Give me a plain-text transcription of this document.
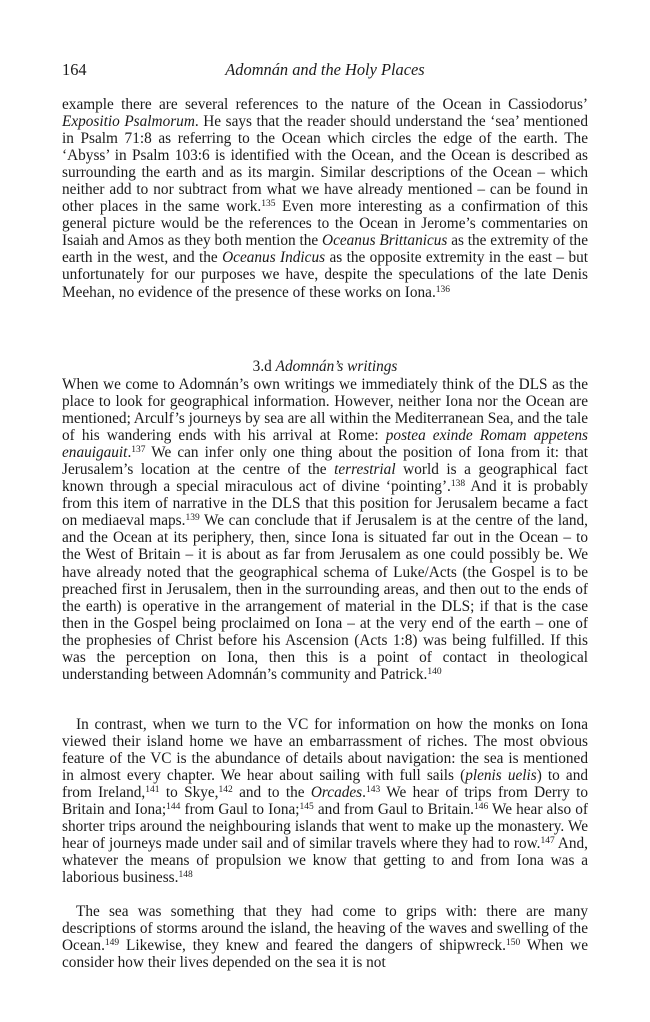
164	Adomnán and the Holy Places

example there are several references to the nature of the Ocean in Cassiodorus’ Expositio Psalmorum. He says that the reader should understand the ‘sea’ mentioned in Psalm 71:8 as referring to the Ocean which circles the edge of the earth. The ‘Abyss’ in Psalm 103:6 is identified with the Ocean, and the Ocean is described as surrounding the earth and as its margin. Similar descriptions of the Ocean – which neither add to nor subtract from what we have already mentioned – can be found in other places in the same work.$^{135}$ Even more interesting as a confirmation of this general picture would be the references to the Ocean in Jerome’s commentaries on Isaiah and Amos as they both mention the Oceanus Brittanicus as the extremity of the earth in the west, and the Oceanus Indicus as the opposite extremity in the east – but unfortunately for our purposes we have, despite the speculations of the late Denis Meehan, no evidence of the presence of these works on Iona.$^{136}$

3.d Adomnán’s writings

When we come to Adomnán’s own writings we immediately think of the DLS as the place to look for geographical information. However, neither Iona nor the Ocean are mentioned; Arculf’s journeys by sea are all within the Mediterranean Sea, and the tale of his wandering ends with his arrival at Rome: postea exinde Romam appetens enauigauit.$^{137}$ We can infer only one thing about the position of Iona from it: that Jerusalem’s location at the centre of the terrestrial world is a geographical fact known through a special miraculous act of divine ‘pointing’.$^{138}$ And it is probably from this item of narrative in the DLS that this position for Jerusalem became a fact on mediaeval maps.$^{139}$ We can conclude that if Jerusalem is at the centre of the land, and the Ocean at its periphery, then, since Iona is situated far out in the Ocean – to the West of Britain – it is about as far from Jerusalem as one could possibly be. We have already noted that the geographical schema of Luke/Acts (the Gospel is to be preached first in Jerusalem, then in the surrounding areas, and then out to the ends of the earth) is operative in the arrangement of material in the DLS; if that is the case then in the Gospel being proclaimed on Iona – at the very end of the earth – one of the prophesies of Christ before his Ascension (Acts 1:8) was being fulfilled. If this was the perception on Iona, then this is a point of contact in theological understanding between Adomnán’s community and Patrick.$^{140}$

In contrast, when we turn to the VC for information on how the monks on Iona viewed their island home we have an embarrassment of riches. The most obvious feature of the VC is the abundance of details about navigation: the sea is mentioned in almost every chapter. We hear about sailing with full sails (plenis uelis) to and from Ireland,$^{141}$ to Skye,$^{142}$ and to the Orcades.$^{143}$ We hear of trips from Derry to Britain and Iona;$^{144}$ from Gaul to Iona;$^{145}$ and from Gaul to Britain.$^{146}$ We hear also of shorter trips around the neighbouring islands that went to make up the monastery. We hear of journeys made under sail and of similar travels where they had to row.$^{147}$ And, whatever the means of propulsion we know that getting to and from Iona was a laborious business.$^{148}$

The sea was something that they had come to grips with: there are many descriptions of storms around the island, the heaving of the waves and swelling of the Ocean.$^{149}$ Likewise, they knew and feared the dangers of shipwreck.$^{150}$ When we consider how their lives depended on the sea it is not
